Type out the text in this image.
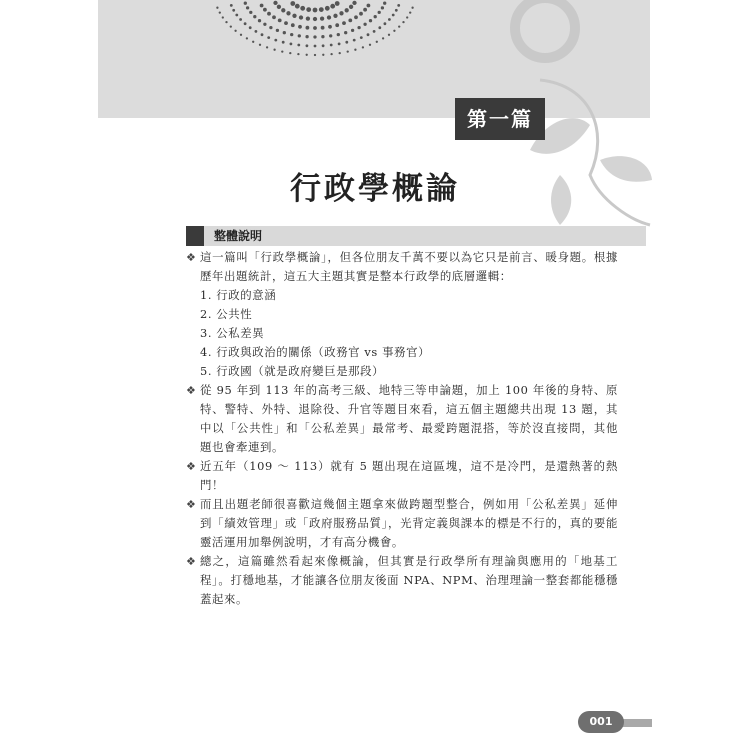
第一篇
行政學概論
整體說明
❖ 這一篇叫「行政學概論」，但各位朋友千萬不要以為它只是前言、暖身題。根據歷年出題統計，這五大主題其實是整本行政學的底層邏輯：
1. 行政的意涵
2. 公共性
3. 公私差異
4. 行政與政治的關係（政務官 vs 事務官）
5. 行政國（就是政府變巨是那段）
❖ 從 95 年到 113 年的高考三級、地特三等申論題，加上 100 年後的身特、原特、警特、外特、退除役、升官等題目來看，這五個主題總共出現 13 題，其中以「公共性」和「公私差異」最常考、最愛跨題混搭，等於沒直接問，其他題也會牽連到。
❖ 近五年（109 ～ 113）就有 5 題出現在這區塊，這不是冷門，是還熱著的熱門！
❖ 而且出題老師很喜歡這幾個主題拿來做跨題型整合，例如用「公私差異」延伸到「績效管理」或「政府服務品質」，光背定義與課本的標是不行的，真的要能靈活運用加舉例說明，才有高分機會。
❖ 總之，這篇雖然看起來像概論，但其實是行政學所有理論與應用的「地基工程」。打穩地基，才能讓各位朋友後面 NPA、NPM、治理理論一整套都能穩穩蓋起來。
001
